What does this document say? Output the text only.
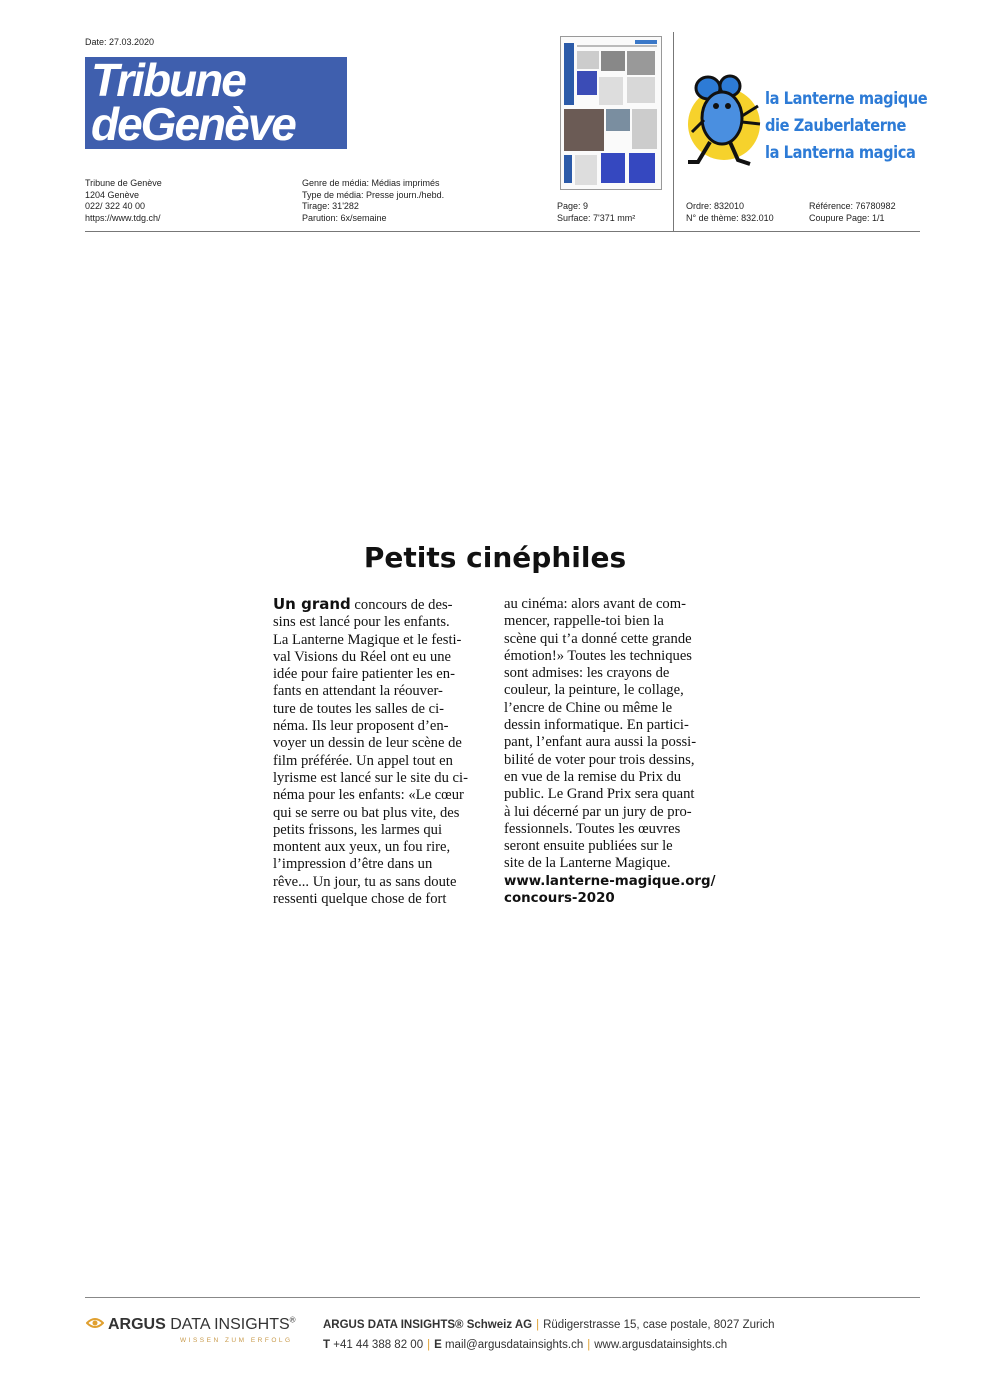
Date: 27.03.2020
Tribune
deGenève
Tribune de Genève
1204 Genève
022/ 322 40 00
https://www.tdg.ch/
Genre de média: Médias imprimés
Type de média: Presse journ./hebd.
Tirage: 31'282
Parution: 6x/semaine
Page: 9
Surface: 7'371 mm²
la Lanterne magique
die Zauberlaterne
la Lanterna magica
Ordre: 832010
N° de thème: 832.010
Référence: 76780982
Coupure Page: 1/1
Petits cinéphiles
Un grand concours de des-
sins est lancé pour les enfants.
La Lanterne Magique et le festi-
val Visions du Réel ont eu une
idée pour faire patienter les en-
fants en attendant la réouver-
ture de toutes les salles de ci-
néma. Ils leur proposent d’en-
voyer un dessin de leur scène de
film préférée. Un appel tout en
lyrisme est lancé sur le site du ci-
néma pour les enfants: «Le cœur
qui se serre ou bat plus vite, des
petits frissons, les larmes qui
montent aux yeux, un fou rire,
l’impression d’être dans un
rêve... Un jour, tu as sans doute
ressenti quelque chose de fort
au cinéma: alors avant de com-
mencer, rappelle-toi bien la
scène qui t’a donné cette grande
émotion!» Toutes les techniques
sont admises: les crayons de
couleur, la peinture, le collage,
l’encre de Chine ou même le
dessin informatique. En partici-
pant, l’enfant aura aussi la possi-
bilité de voter pour trois dessins,
en vue de la remise du Prix du
public. Le Grand Prix sera quant
à lui décerné par un jury de pro-
fessionnels. Toutes les œuvres
seront ensuite publiées sur le
site de la Lanterne Magique.
www.lanterne-magique.org/
concours-2020
ARGUS DATA INSIGHTS®
WISSEN ZUM ERFOLG
ARGUS DATA INSIGHTS® Schweiz AG | Rüdigerstrasse 15, case postale, 8027 Zurich
T +41 44 388 82 00 | E mail@argusdatainsights.ch | www.argusdatainsights.ch
